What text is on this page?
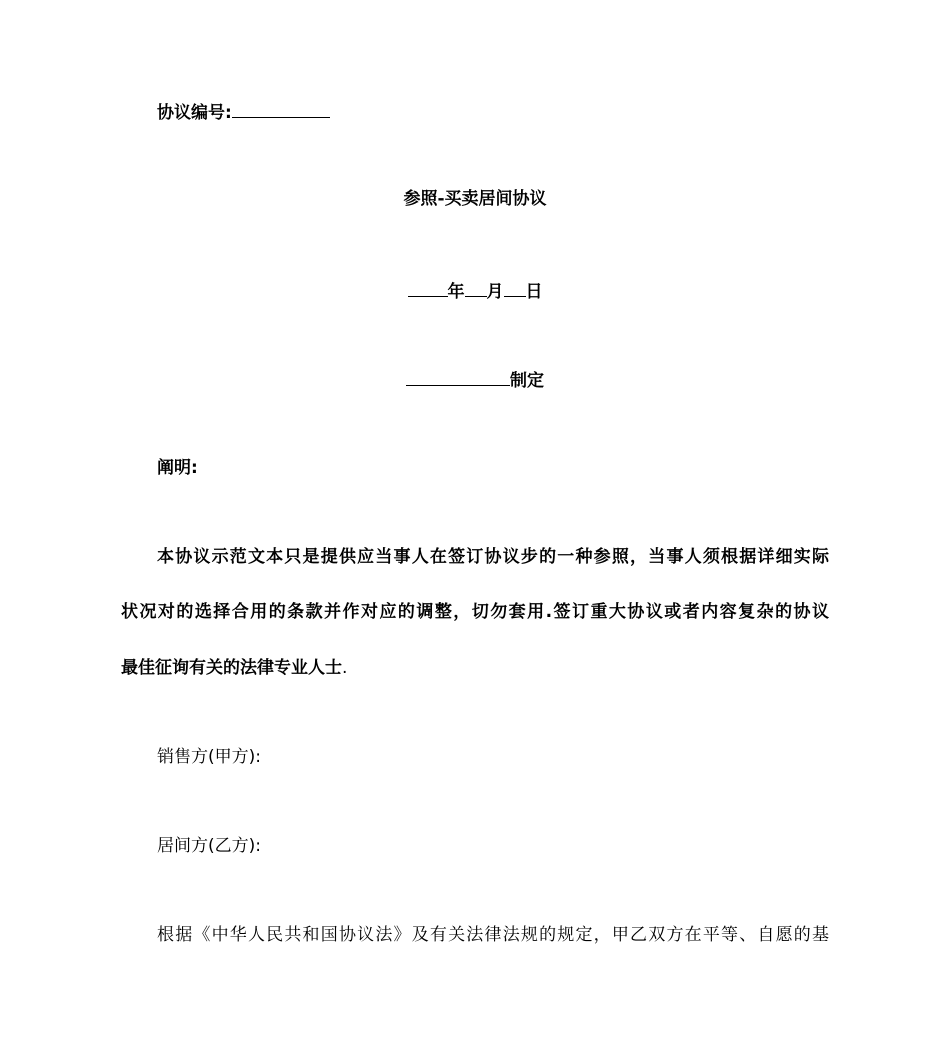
协议编号:
参照-买卖居间协议
年 月 日
制定
阐明:
本协议示范文本只是提供应当事人在签订协议步的一种参照，当事人须根据详细实际
状况对的选择合用的条款并作对应的调整，切勿套用.签订重大协议或者内容复杂的协议
最佳征询有关的法律专业人士.
销售方(甲方):
居间方(乙方):
根据《中华人民共和国协议法》及有关法律法规的规定，甲乙双方在平等、自愿的基
